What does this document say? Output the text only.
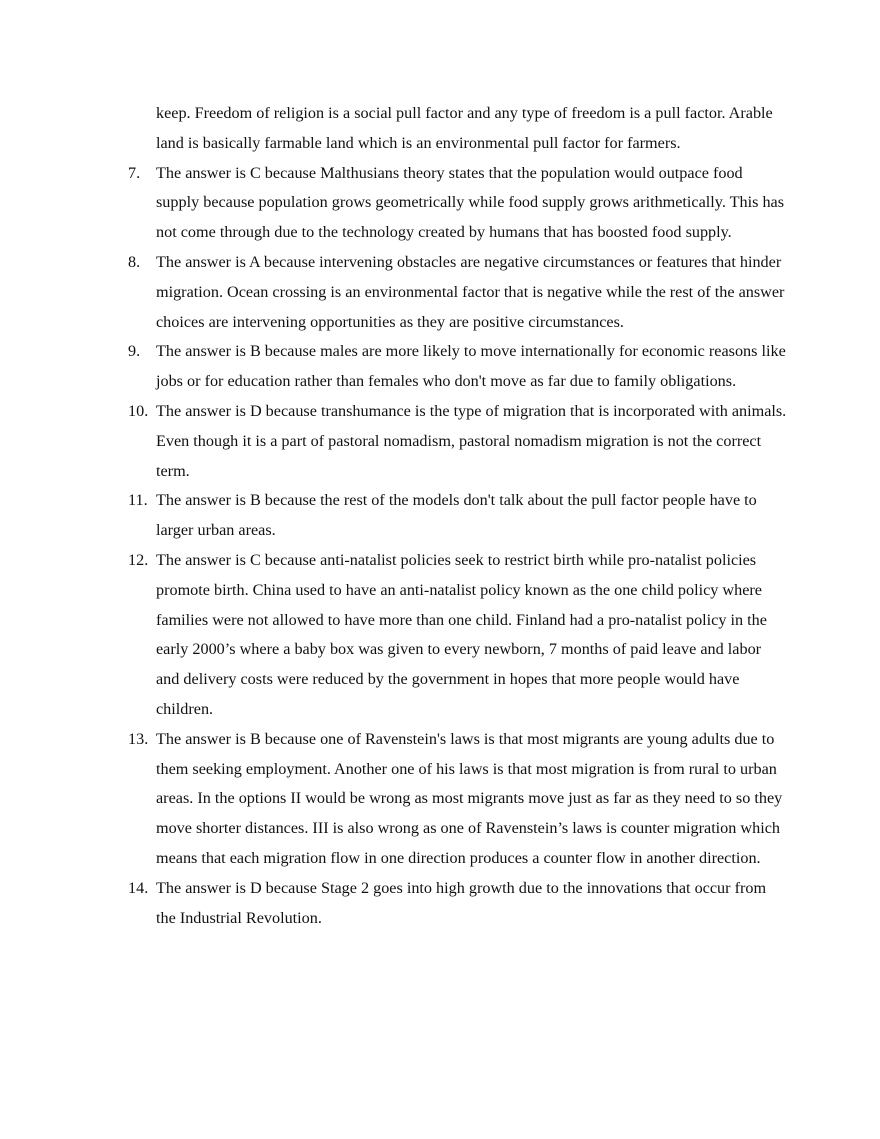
keep. Freedom of religion is a social pull factor and any type of freedom is a pull factor. Arable land is basically farmable land which is an environmental pull factor for farmers.

7. The answer is C because Malthusians theory states that the population would outpace food supply because population grows geometrically while food supply grows arithmetically. This has not come through due to the technology created by humans that has boosted food supply.
8. The answer is A because intervening obstacles are negative circumstances or features that hinder migration. Ocean crossing is an environmental factor that is negative while the rest of the answer choices are intervening opportunities as they are positive circumstances.
9. The answer is B because males are more likely to move internationally for economic reasons like jobs or for education rather than females who don't move as far due to family obligations.
10. The answer is D because transhumance is the type of migration that is incorporated with animals. Even though it is a part of pastoral nomadism, pastoral nomadism migration is not the correct term.
11. The answer is B because the rest of the models don't talk about the pull factor people have to larger urban areas.
12. The answer is C because anti-natalist policies seek to restrict birth while pro-natalist policies promote birth. China used to have an anti-natalist policy known as the one child policy where families were not allowed to have more than one child. Finland had a pro-natalist policy in the early 2000’s where a baby box was given to every newborn, 7 months of paid leave and labor and delivery costs were reduced by the government in hopes that more people would have children.
13. The answer is B because one of Ravenstein's laws is that most migrants are young adults due to them seeking employment. Another one of his laws is that most migration is from rural to urban areas. In the options II would be wrong as most migrants move just as far as they need to so they move shorter distances. III is also wrong as one of Ravenstein’s laws is counter migration which means that each migration flow in one direction produces a counter flow in another direction.
14. The answer is D because Stage 2 goes into high growth due to the innovations that occur from the Industrial Revolution.
